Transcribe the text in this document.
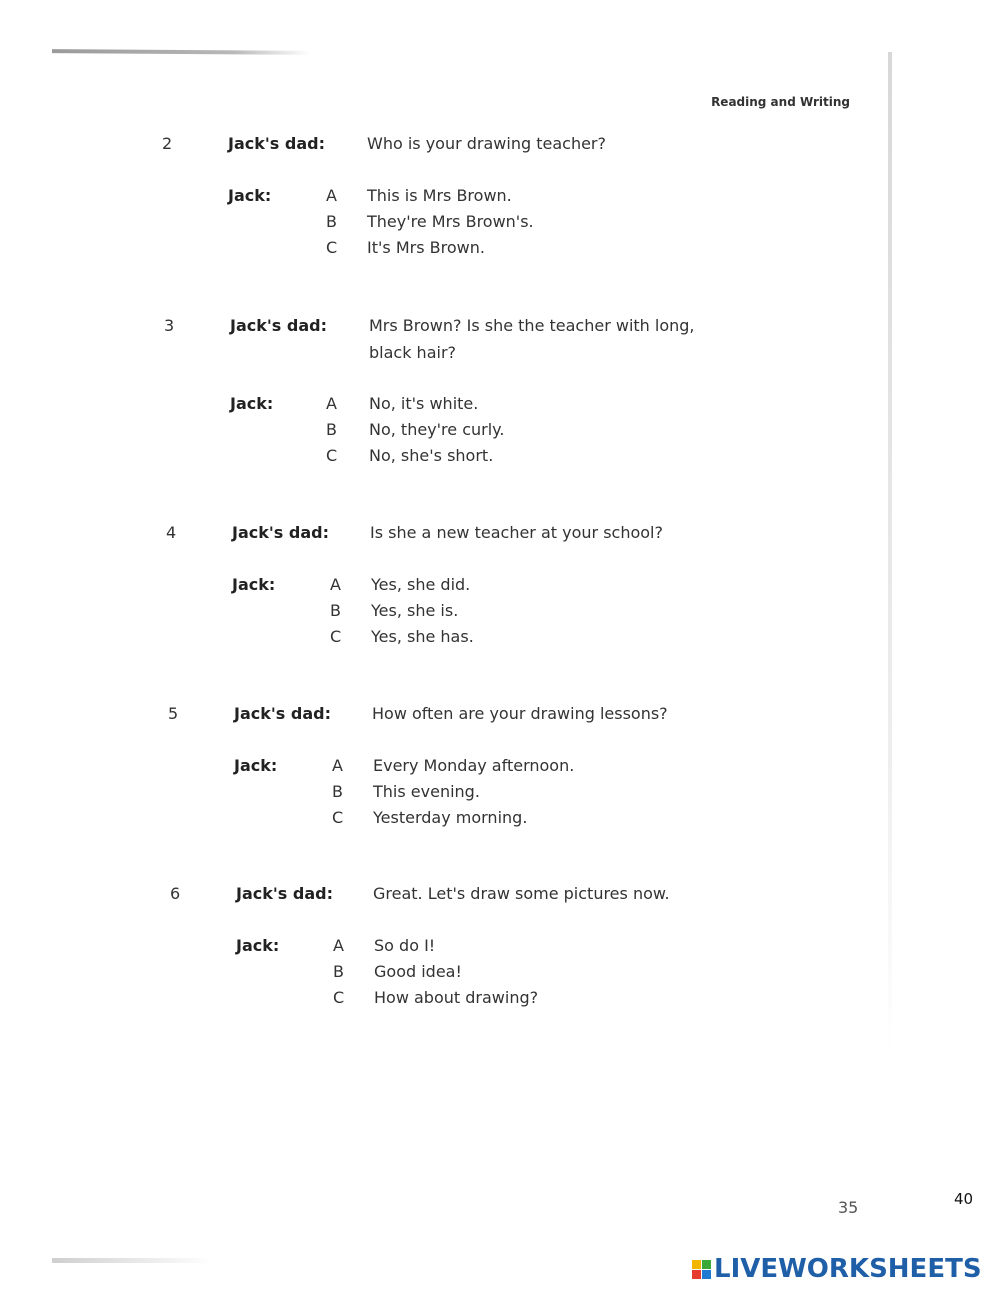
Reading and Writing
2	Jack's dad:	Who is your drawing teacher?
Jack:	A	This is Mrs Brown.
B	They're Mrs Brown's.
C	It's Mrs Brown.
3	Jack's dad:	Mrs Brown? Is she the teacher with long, black hair?
Jack:	A	No, it's white.
B	No, they're curly.
C	No, she's short.
4	Jack's dad:	Is she a new teacher at your school?
Jack:	A	Yes, she did.
B	Yes, she is.
C	Yes, she has.
5	Jack's dad:	How often are your drawing lessons?
Jack:	A	Every Monday afternoon.
B	This evening.
C	Yesterday morning.
6	Jack's dad:	Great. Let's draw some pictures now.
Jack:	A	So do I!
B	Good idea!
C	How about drawing?
35	40
LIVEWORKSHEETS
